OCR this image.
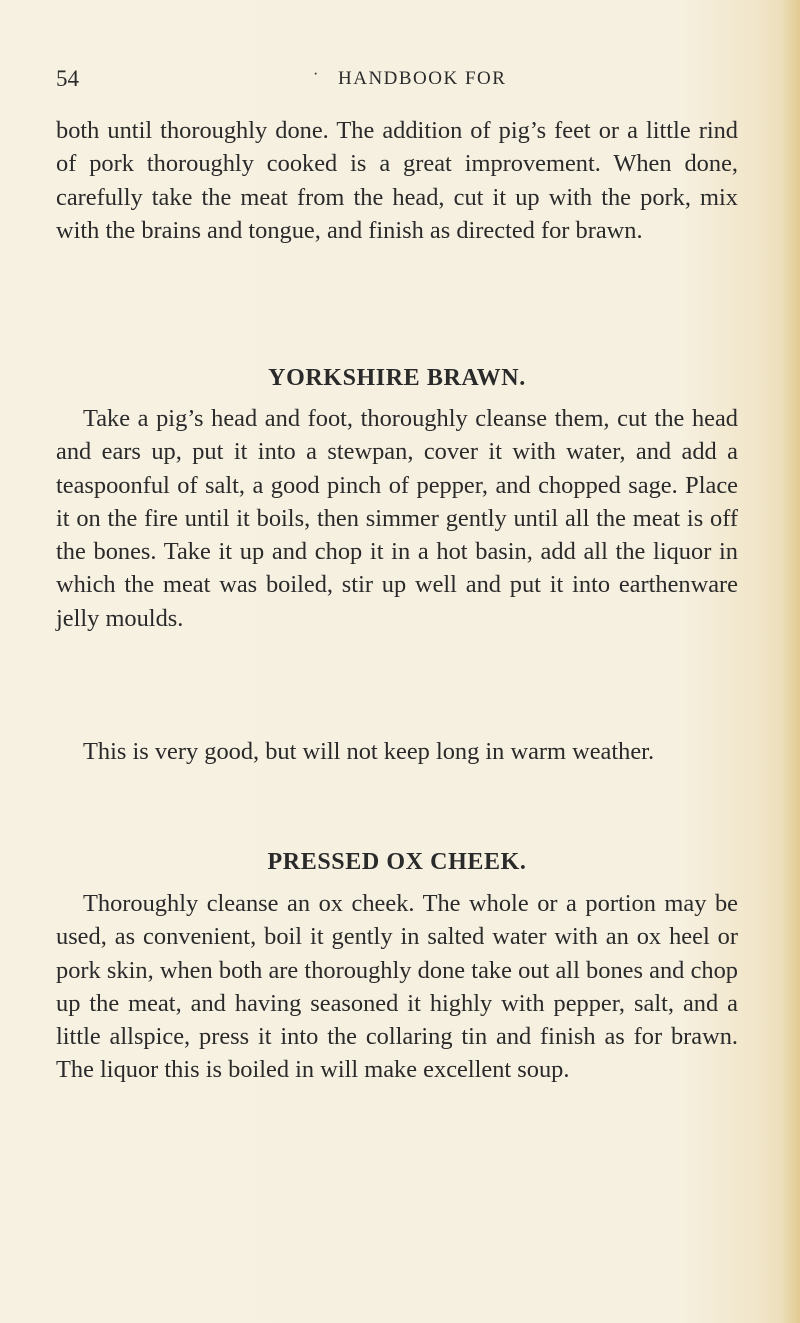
54	· HANDBOOK FOR

both until thoroughly done. The addition of pig’s feet or a little rind of pork thoroughly cooked is a great improvement. When done, carefully take the meat from the head, cut it up with the pork, mix with the brains and tongue, and finish as directed for brawn.

YORKSHIRE BRAWN.

Take a pig’s head and foot, thoroughly cleanse them, cut the head and ears up, put it into a stewpan, cover it with water, and add a teaspoonful of salt, a good pinch of pepper, and chopped sage. Place it on the fire until it boils, then simmer gently until all the meat is off the bones. Take it up and chop it in a hot basin, add all the liquor in which the meat was boiled, stir up well and put it into earthenware jelly moulds.

This is very good, but will not keep long in warm weather.

PRESSED OX CHEEK.

Thoroughly cleanse an ox cheek. The whole or a portion may be used, as convenient, boil it gently in salted water with an ox heel or pork skin, when both are thoroughly done take out all bones and chop up the meat, and having seasoned it highly with pepper, salt, and a little allspice, press it into the collaring tin and finish as for brawn. The liquor this is boiled in will make excellent soup.
